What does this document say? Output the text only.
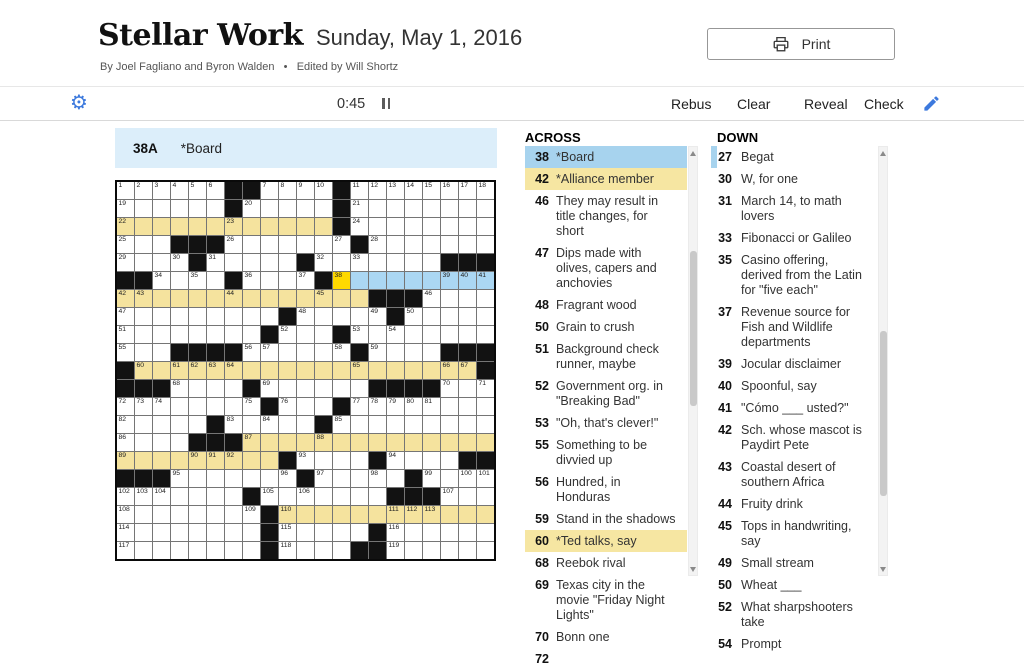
Stellar Work Sunday, May 1, 2016
By Joel Fagliano and Byron Walden   •   Edited by Will Shortz
Print
⚙	0:45	Rebus Clear Reveal Check
38A *Board
1 2 3 4 5 6	7 8 9 10	11 12 13 14 15 16 17 18
19	20	21
22	23	24
25	26	27	28
29	30	31	32	33
34	35	36	37	38	39 40 41
42 43	44	45	46
47	48	49	50
51	52	53	54
55	56 57	58	59
60	61 62 63 64	65	66 67
68	69	70	71
72 73 74	75	76	77 78 79 80 81
82	83	84	85
86	87	88
89	90 91 92	93	94
95	96	97	98	99	100 101
102 103 104	105	106	107
108	109	110	111 112 113
114	115	116
117	118	119
ACROSS
38 *Board
42 *Alliance member
46 They may result in title changes, for short
47 Dips made with olives, capers and anchovies
48 Fragrant wood
50 Grain to crush
51 Background check runner, maybe
52 Government org. in "Breaking Bad"
53 "Oh, that's clever!"
55 Something to be divvied up
56 Hundred, in Honduras
59 Stand in the shadows
60 *Ted talks, say
68 Reebok rival
69 Texas city in the movie "Friday Night Lights"
70 Bonn one
72
DOWN
27 Begat
30 W, for one
31 March 14, to math lovers
33 Fibonacci or Galileo
35 Casino offering, derived from the Latin for "five each"
37 Revenue source for Fish and Wildlife departments
39 Jocular disclaimer
40 Spoonful, say
41 "Cómo ___ usted?"
42 Sch. whose mascot is Paydirt Pete
43 Coastal desert of southern Africa
44 Fruity drink
45 Tops in handwriting, say
49 Small stream
50 Wheat ___
52 What sharpshooters take
54 Prompt
